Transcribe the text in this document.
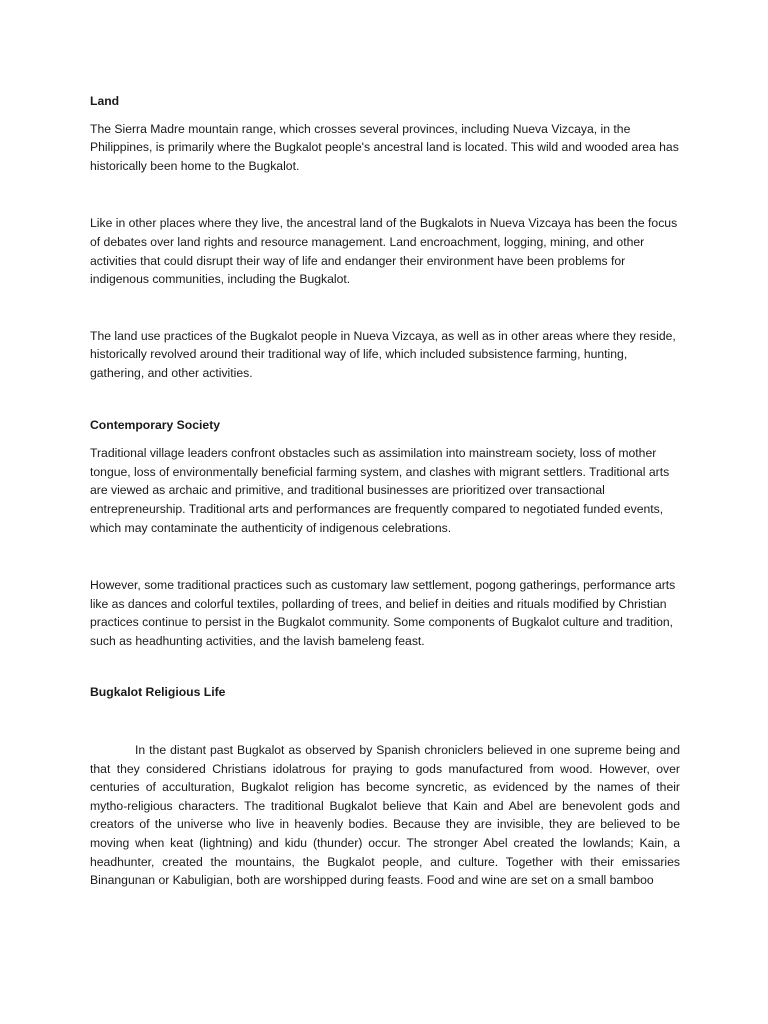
Land

The Sierra Madre mountain range, which crosses several provinces, including Nueva Vizcaya, in the Philippines, is primarily where the Bugkalot people's ancestral land is located. This wild and wooded area has historically been home to the Bugkalot.

Like in other places where they live, the ancestral land of the Bugkalots in Nueva Vizcaya has been the focus of debates over land rights and resource management. Land encroachment, logging, mining, and other activities that could disrupt their way of life and endanger their environment have been problems for indigenous communities, including the Bugkalot.

The land use practices of the Bugkalot people in Nueva Vizcaya, as well as in other areas where they reside, historically revolved around their traditional way of life, which included subsistence farming, hunting, gathering, and other activities.

Contemporary Society

Traditional village leaders confront obstacles such as assimilation into mainstream society, loss of mother tongue, loss of environmentally beneficial farming system, and clashes with migrant settlers. Traditional arts are viewed as archaic and primitive, and traditional businesses are prioritized over transactional entrepreneurship. Traditional arts and performances are frequently compared to negotiated funded events, which may contaminate the authenticity of indigenous celebrations.

However, some traditional practices such as customary law settlement, pogong gatherings, performance arts like as dances and colorful textiles, pollarding of trees, and belief in deities and rituals modified by Christian practices continue to persist in the Bugkalot community. Some components of Bugkalot culture and tradition, such as headhunting activities, and the lavish bameleng feast.

Bugkalot Religious Life

In the distant past Bugkalot as observed by Spanish chroniclers believed in one supreme being and that they considered Christians idolatrous for praying to gods manufactured from wood. However, over centuries of acculturation, Bugkalot religion has become syncretic, as evidenced by the names of their mytho-religious characters. The traditional Bugkalot believe that Kain and Abel are benevolent gods and creators of the universe who live in heavenly bodies. Because they are invisible, they are believed to be moving when keat (lightning) and kidu (thunder) occur. The stronger Abel created the lowlands; Kain, a headhunter, created the mountains, the Bugkalot people, and culture. Together with their emissaries Binangunan or Kabuligian, both are worshipped during feasts. Food and wine are set on a small bamboo
